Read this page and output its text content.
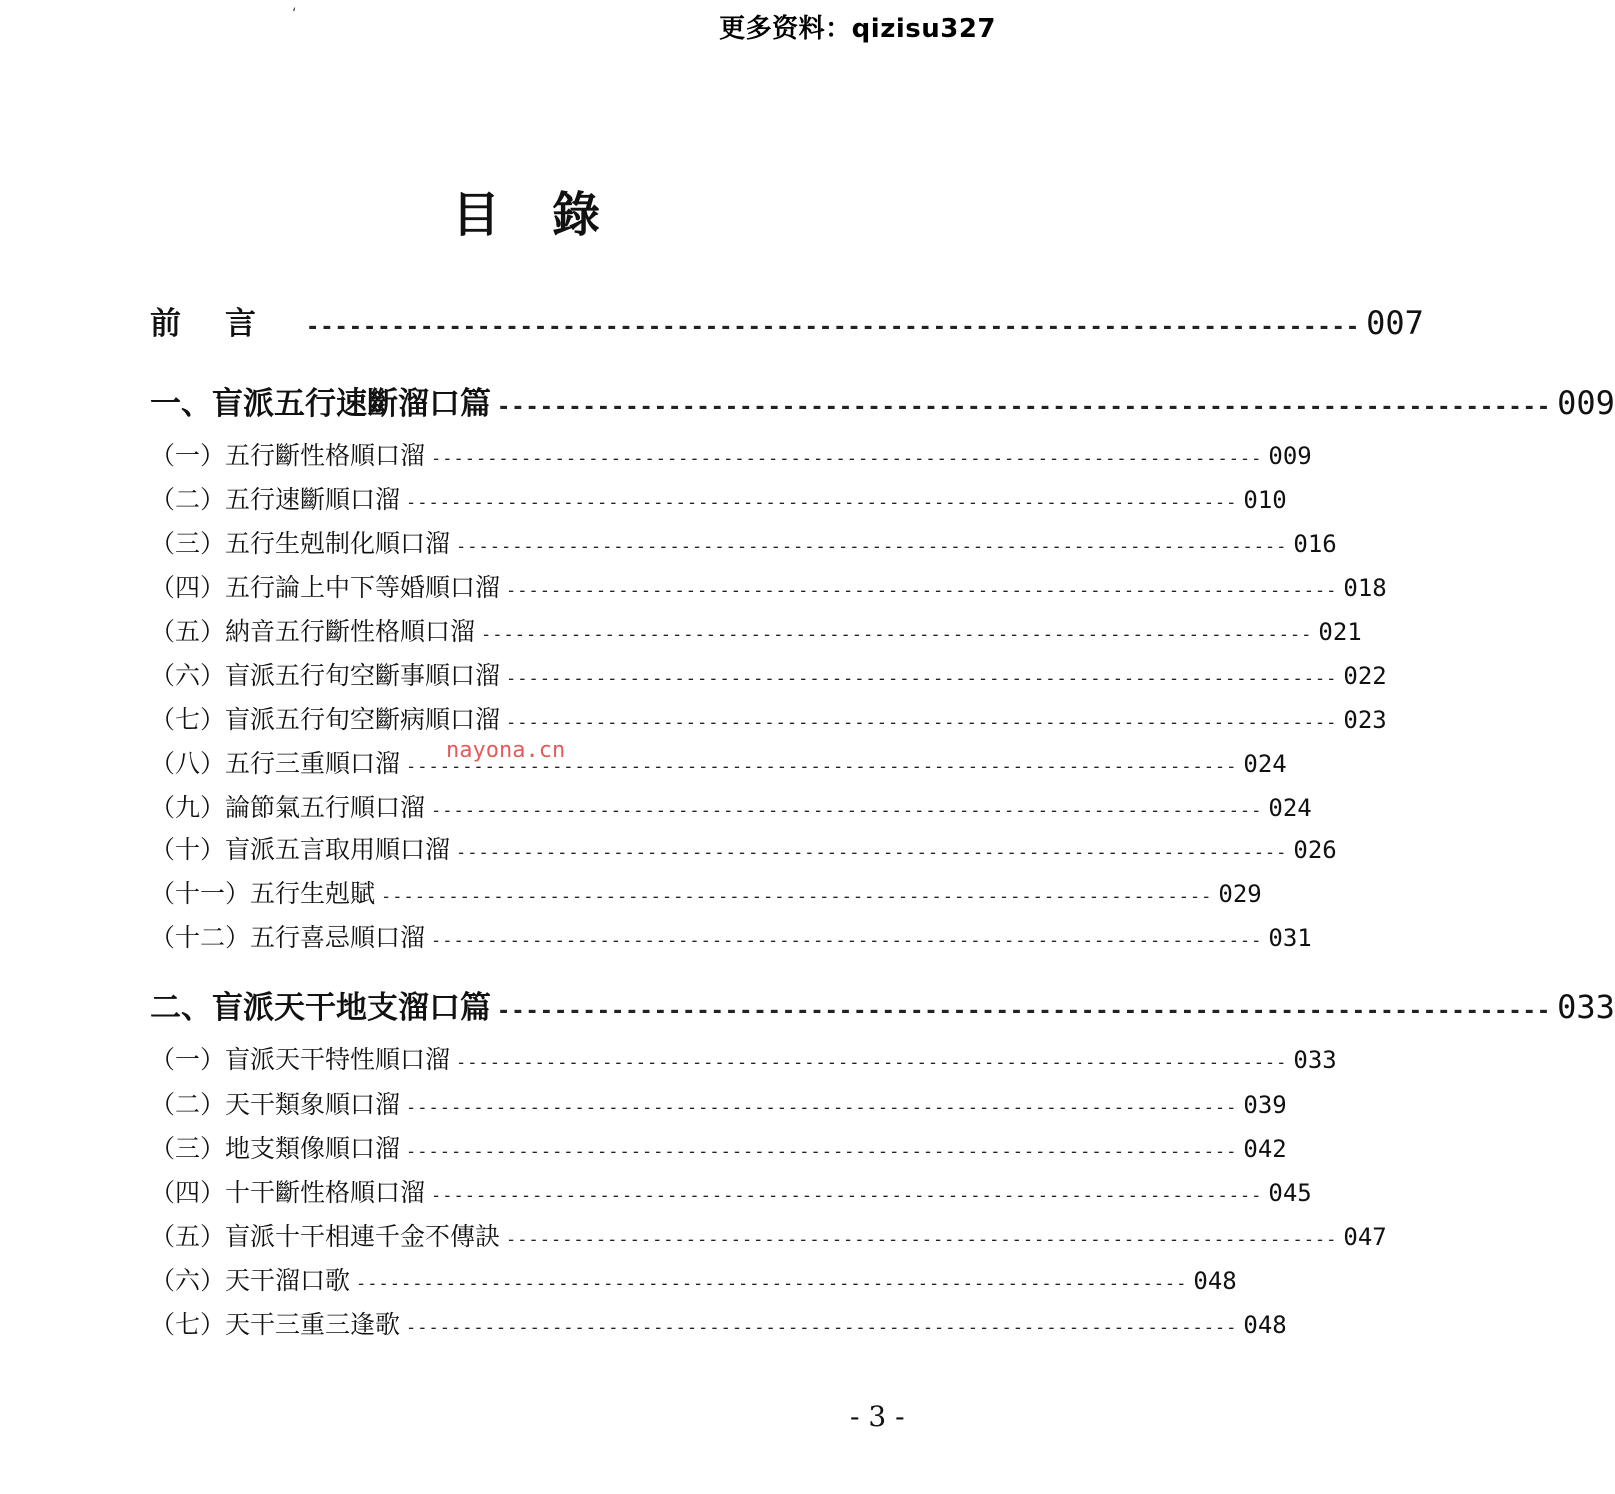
更多资料：qizisu327
‘
目錄
前言 -------------------------------------------------------------------------- 007
一、盲派五行速斷溜口篇 -------------------------------------------------------------------------- 009
（一）五行斷性格順口溜 -------------------------------------------------------------------------- 009
（二）五行速斷順口溜 -------------------------------------------------------------------------- 010
（三）五行生剋制化順口溜 -------------------------------------------------------------------------- 016
（四）五行論上中下等婚順口溜 -------------------------------------------------------------------------- 018
（五）納音五行斷性格順口溜 -------------------------------------------------------------------------- 021
（六）盲派五行旬空斷事順口溜 -------------------------------------------------------------------------- 022
（七）盲派五行旬空斷病順口溜 -------------------------------------------------------------------------- 023
（八）五行三重順口溜 -------------------------------------------------------------------------- 024
（九）論節氣五行順口溜 -------------------------------------------------------------------------- 024
（十）盲派五言取用順口溜 -------------------------------------------------------------------------- 026
（十一）五行生剋賦 -------------------------------------------------------------------------- 029
（十二）五行喜忌順口溜 -------------------------------------------------------------------------- 031
二、盲派天干地支溜口篇 -------------------------------------------------------------------------- 033
（一）盲派天干特性順口溜 -------------------------------------------------------------------------- 033
（二）天干類象順口溜 -------------------------------------------------------------------------- 039
（三）地支類像順口溜 -------------------------------------------------------------------------- 042
（四）十干斷性格順口溜 -------------------------------------------------------------------------- 045
（五）盲派十干相連千金不傳訣 -------------------------------------------------------------------------- 047
（六）天干溜口歌 -------------------------------------------------------------------------- 048
（七）天干三重三逢歌 -------------------------------------------------------------------------- 048
nayona.cn
- 3 -
